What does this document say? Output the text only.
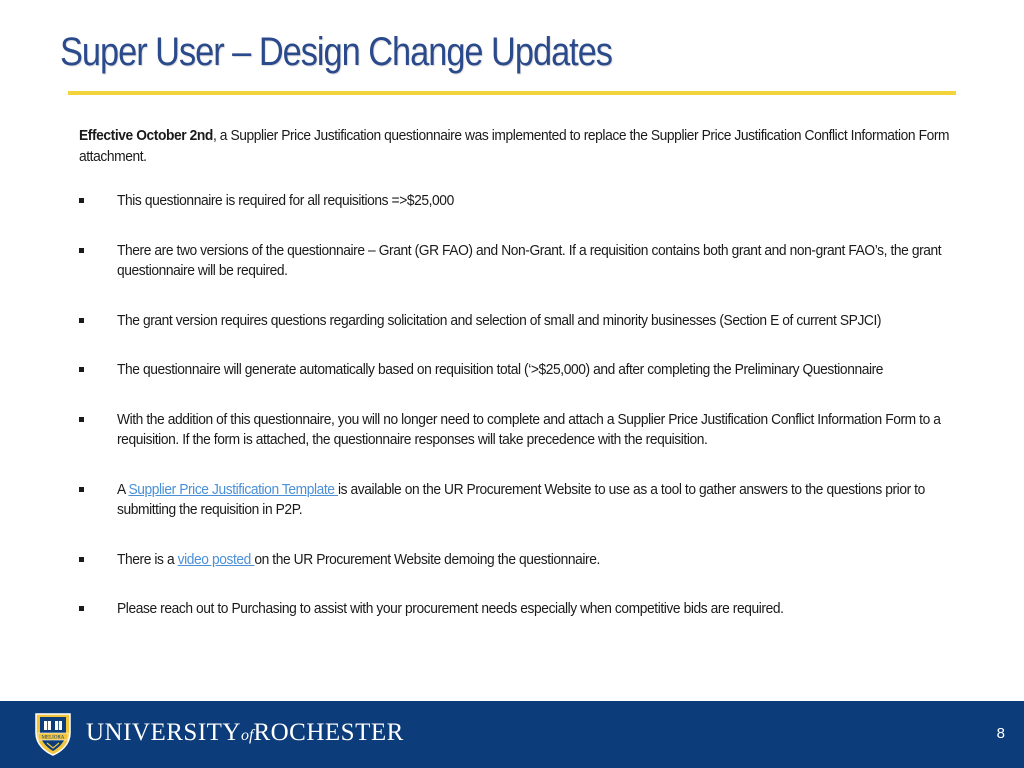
Super User – Design Change Updates

Effective October 2nd, a Supplier Price Justification questionnaire was implemented to replace the Supplier Price Justification Conflict Information Form attachment.

This questionnaire is required for all requisitions =>$25,000
There are two versions of the questionnaire – Grant (GR FAO) and Non-Grant. If a requisition contains both grant and non-grant FAO’s, the grant questionnaire will be required.
The grant version requires questions regarding solicitation and selection of small and minority businesses (Section E of current SPJCI)
The questionnaire will generate automatically based on requisition total (‘>$25,000) and after completing the Preliminary Questionnaire
With the addition of this questionnaire, you will no longer need to complete and attach a Supplier Price Justification Conflict Information Form to a requisition. If the form is attached, the questionnaire responses will take precedence with the requisition.
A Supplier Price Justification Template is available on the UR Procurement Website to use as a tool to gather answers to the questions prior to submitting the requisition in P2P.
There is a video posted on the UR Procurement Website demoing the questionnaire.
Please reach out to Purchasing to assist with your procurement needs especially when competitive bids are required.
MELIORA UNIVERSITYofROCHESTER	8
